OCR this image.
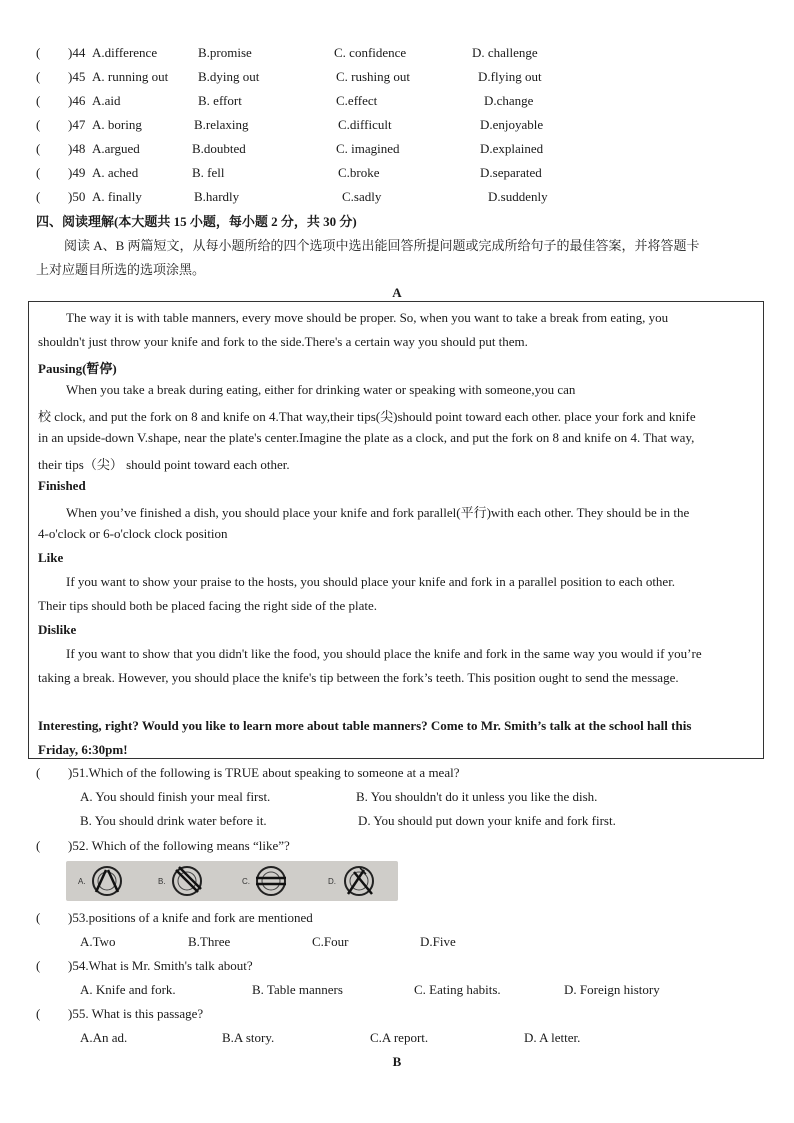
( )44 A.difference	B.promise	C. confidence	D. challenge
( )45 A. running out B.dying out	C. rushing out	D.flying out
( )46 A.aid	B. effort	C.effect	D.change
( )47 A. boring	B.relaxing	C.difficult	D.enjoyable
( )48 A.argued	B.doubted	C. imagined	D.explained
( )49 A. ached	B. fell	C.broke	D.separated
( )50 A. finally	B.hardly	C.sadly	D.suddenly
四、阅读理解(本大题共 15 小题，每小题 2 分，共 30 分)
阅读 A、B 两篇短文，从每小题所给的四个选项中选出能回答所提问题或完成所给句子的最佳答案，并将答题卡
上对应题目所选的选项涂黑。
A
The way it is with table manners, every move should be proper. So, when you want to take a break from eating, you
shouldn't just throw your knife and fork to the side.There's a certain way you should put them.
Pausing(暂停)
When you take a break during eating, either for drinking water or speaking with someone,you can
校 clock, and put the fork on 8 and knife on 4.That way,their tips(尖)should point toward each other. place your fork and knife
in an upside-down V.shape, near the plate's center.Imagine the plate as a clock, and put the fork on 8 and knife on 4. That way,
their tips（尖） should point toward each other.
Finished
When you’ve finished a dish, you should place your knife and fork parallel(平行)with each other. They should be in the
4-o'clock or 6-o'clock clock position
Like
If you want to show your praise to the hosts, you should place your knife and fork in a parallel position to each other.
Their tips should both be placed facing the right side of the plate.
Dislike
If you want to show that you didn't like the food, you should place the knife and fork in the same way you would if you’re
taking a break. However, you should place the knife's tip between the fork’s teeth. This position ought to send the message.
Interesting, right? Would you like to learn more about table manners? Come to Mr. Smith’s talk at the school hall this
Friday, 6:30pm!
( )51.Which of the following is TRUE about speaking to someone at a meal?
A. You should finish your meal first.	B. You shouldn't do it unless you like the dish.
B. You should drink water before it.	D. You should put down your knife and fork first.
( )52. Which of the following means “like”?
A.	B.	C.	D.
( )53.positions of a knife and fork are mentioned
A.Two	B.Three	C.Four	D.Five
( )54.What is Mr. Smith's talk about?
A. Knife and fork.	B. Table manners	C. Eating habits.	D. Foreign history
( )55. What is this passage?
A.An ad.	B.A story.	C.A report.	D. A letter.
B
